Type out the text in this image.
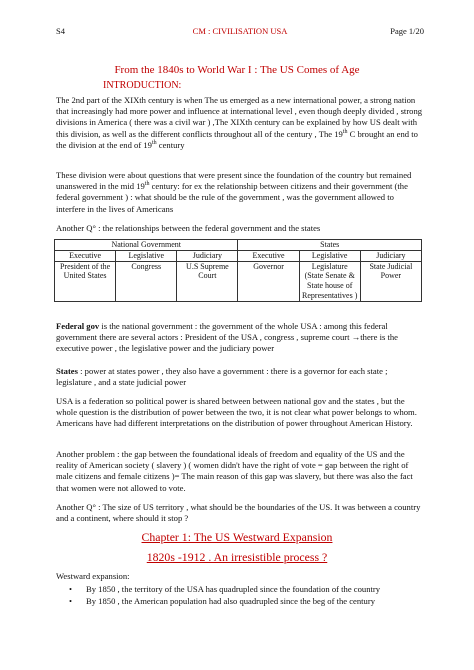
S4	CM : CIVILISATION USA	Page 1/20
From the 1840s to World War I : The US Comes of Age
INTRODUCTION:
The 2nd part of the XIXth century is when The us emerged as a new international power, a strong nation that increasingly had more power and influence at international level , even though deeply divided , strong divisions in America ( there was a civil war ) ,The XIXth century can be explained by how US dealt with this division, as well as the different conflicts throughout all of the century , The 19th C brought an end to the division at the end of 19th century
These division were about questions that were present since the foundation of the country but remained unanswered in the mid 19th century: for ex the relationship between citizens and their government (the federal government ) : what should be the rule of the government , was the government allowed to interfere in the lives of Americans
Another Q° : the relationships between the federal government and the states
National Government			States		
Executive	Legislative	Judiciary	Executive	Legislative	Judiciary
President of the United States	Congress	U.S Supreme Court	Governor	Legislature (State Senate & State house of Representatives )	State Judicial Power
Federal gov is the national government : the government of the whole USA : among this federal government there are several actors : President of the USA , congress , supreme court →there is the executive power , the legislative power and the judiciary power
States : power at states power , they also have a government : there is a governor for each state ; legislature , and a state judicial power
USA is a federation so political power is shared between between national gov and the states , but the whole question is the distribution of power between the two, it is not clear what power belongs to whom. Americans have had different interpretations on the distribution of power throughout American History.
Another problem : the gap between the foundational ideals of freedom and equality of the US and the reality of American society ( slavery ) ( women didn't have the right of vote = gap between the right of male citizens and female citizens )= The main reason of this gap was slavery, but there was also the fact that women were not allowed to vote.
Another Q° : The size of US territory , what should be the boundaries of the US. It was between a country and a continent, where should it stop ?
Chapter 1: The US Westward Expansion
1820s -1912 . An irresistible process ?
Westward expansion:
• By 1850 , the territory of the USA has quadrupled since the foundation of the country
• By 1850 , the American population had also quadrupled since the beg of the century
